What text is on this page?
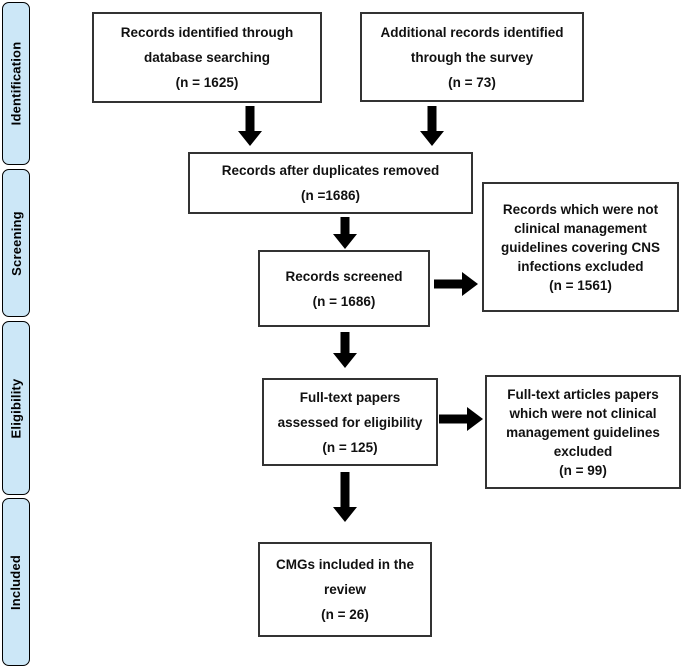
Identification
Screening
Eligibility
Included
Records identified through
database searching
(n = 1625)
Additional records identified
through the survey
(n = 73)
Records after duplicates removed
(n =1686)
Records screened
(n = 1686)
Records which were not
clinical management
guidelines covering CNS
infections excluded
(n = 1561)
Full-text papers
assessed for eligibility
(n = 125)
Full-text articles papers
which were not clinical
management guidelines
excluded
(n = 99)
CMGs included in the
review
(n = 26)
